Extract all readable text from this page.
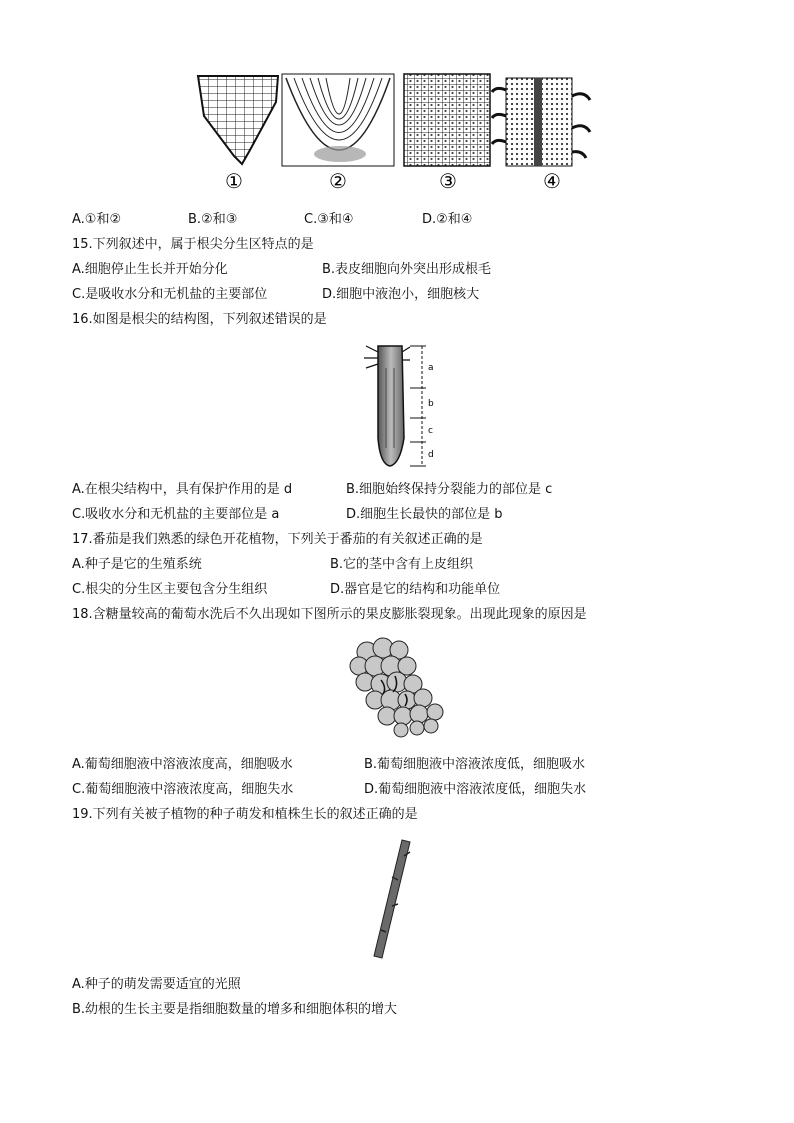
①	②	③	④
A.①和②	B.②和③	C.③和④	D.②和④
15.下列叙述中，属于根尖分生区特点的是
A.细胞停止生长并开始分化	B.表皮细胞向外突出形成根毛
C.是吸收水分和无机盐的主要部位	D.细胞中液泡小，细胞核大
16.如图是根尖的结构图，下列叙述错误的是
a
b
c
d
A.在根尖结构中，具有保护作用的是 d	B.细胞始终保持分裂能力的部位是 c
C.吸收水分和无机盐的主要部位是 a	D.细胞生长最快的部位是 b
17.番茄是我们熟悉的绿色开花植物，下列关于番茄的有关叙述正确的是
A.种子是它的生殖系统	B.它的茎中含有上皮组织
C.根尖的分生区主要包含分生组织	D.器官是它的结构和功能单位
18.含糖量较高的葡萄水洗后不久出现如下图所示的果皮膨胀裂现象。出现此现象的原因是
A.葡萄细胞液中溶液浓度高，细胞吸水	B.葡萄细胞液中溶液浓度低，细胞吸水
C.葡萄细胞液中溶液浓度高，细胞失水	D.葡萄细胞液中溶液浓度低，细胞失水
19.下列有关被子植物的种子萌发和植株生长的叙述正确的是
A.种子的萌发需要适宜的光照
B.幼根的生长主要是指细胞数量的增多和细胞体积的增大
